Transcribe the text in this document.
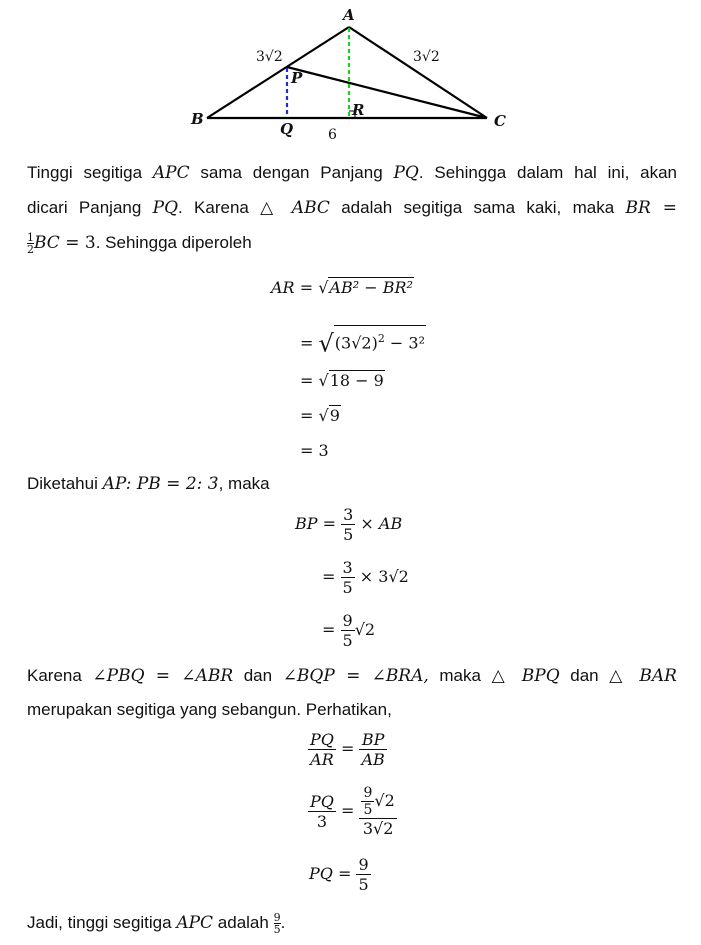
A
B	C
P
Q
R
3√2	3√2
6
Tinggi segitiga APC sama dengan Panjang PQ. Sehingga dalam hal ini, akan
dicari Panjang PQ. Karena △ ABC adalah segitiga sama kaki, maka BR =
$\frac{1}{2}$ BC = 3. Sehingga diperoleh
AR = √AB² − BR²
= $√(3√2)^2 - 3^2$
= √18 − 9
= √9
= 3
Diketahui AP: PB = 2: 3, maka
BP = $\frac{3}{5}$ × AB
= $\frac{3}{5} \times 3√2$
= $\frac{9}{5} √2$
Karena ∠PBQ = ∠ABR dan ∠BQP = ∠BRA, maka △ BPQ dan △ BAR
merupakan segitiga yang sebangun. Perhatikan,
$\frac{PQ}{AR} = \frac{BP}{AB}$
$\frac{PQ}{3} = \frac{\frac{9}{5} √2}{3√2}$
PQ = $\frac{9}{5}$
Jadi, tinggi segitiga APC adalah $\frac{9}{5}$ .
